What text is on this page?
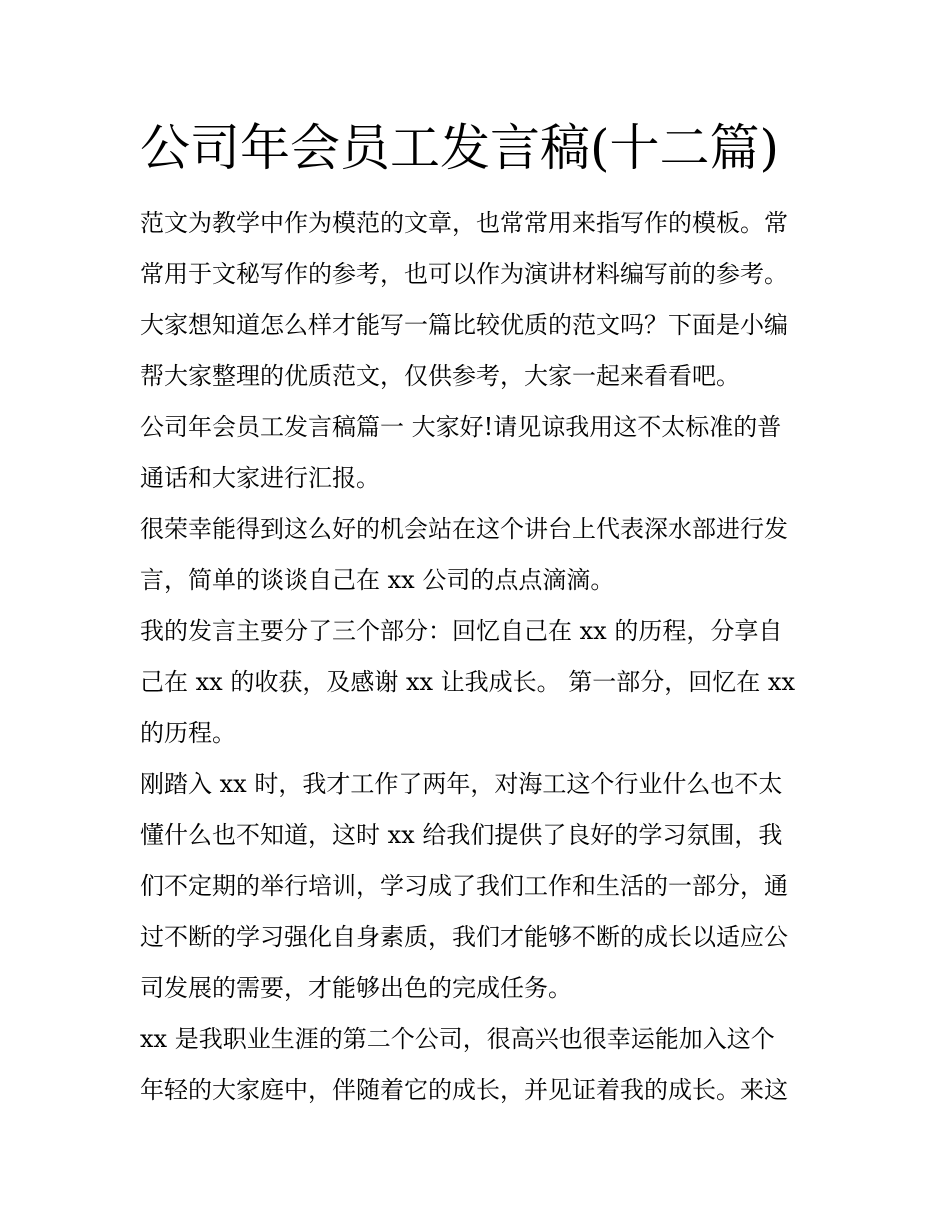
公司年会员工发言稿(十二篇)
范文为教学中作为模范的文章，也常常用来指写作的模板。常
常用于文秘写作的参考，也可以作为演讲材料编写前的参考。
大家想知道怎么样才能写一篇比较优质的范文吗？下面是小编
帮大家整理的优质范文，仅供参考，大家一起来看看吧。
公司年会员工发言稿篇一 大家好!请见谅我用这不太标准的普
通话和大家进行汇报。
很荣幸能得到这么好的机会站在这个讲台上代表深水部进行发
言，简单的谈谈自己在 xx 公司的点点滴滴。
我的发言主要分了三个部分：回忆自己在 xx 的历程，分享自
己在 xx 的收获，及感谢 xx 让我成长。 第一部分，回忆在 xx
的历程。
刚踏入 xx 时，我才工作了两年，对海工这个行业什么也不太
懂什么也不知道，这时 xx 给我们提供了良好的学习氛围，我
们不定期的举行培训，学习成了我们工作和生活的一部分，通
过不断的学习强化自身素质，我们才能够不断的成长以适应公
司发展的需要，才能够出色的完成任务。
xx 是我职业生涯的第二个公司，很高兴也很幸运能加入这个
年轻的大家庭中，伴随着它的成长，并见证着我的成长。来这
